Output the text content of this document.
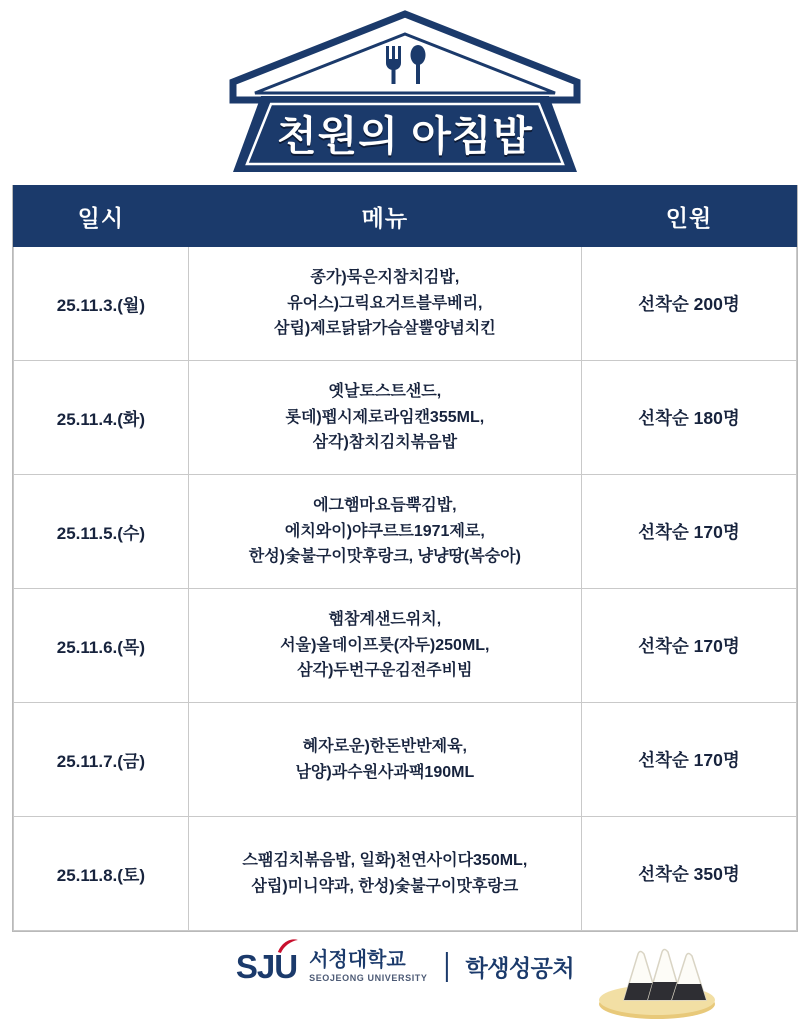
천원의 아침밥
일시	메뉴	인원
25.11.3.(월)	종가)묵은지참치김밥,
유어스)그릭요거트블루베리,
삼립)제로닭닭가슴살뿔양념치킨	선착순 200명
25.11.4.(화)	옛날토스트샌드,
롯데)펩시제로라임캔355ML,
삼각)참치김치볶음밥	선착순 180명
25.11.5.(수)	에그햄마요듬뿍김밥,
에치와이)야쿠르트1971제로,
한성)숯불구이맛후랑크, 냥냥땅(복숭아)	선착순 170명
25.11.6.(목)	햄참계샌드위치,
서울)올데이프룻(자두)250ML,
삼각)두번구운김전주비빔	선착순 170명
25.11.7.(금)	혜자로운)한돈반반제육,
남양)과수원사과팩190ML	선착순 170명
25.11.8.(토)	스팸김치볶음밥, 일화)천연사이다350ML,
삼립)미니약과, 한성)숯불구이맛후랑크	선착순 350명
SJU 서정대학교
SEOJEONG UNIVERSITY 학생성공처
